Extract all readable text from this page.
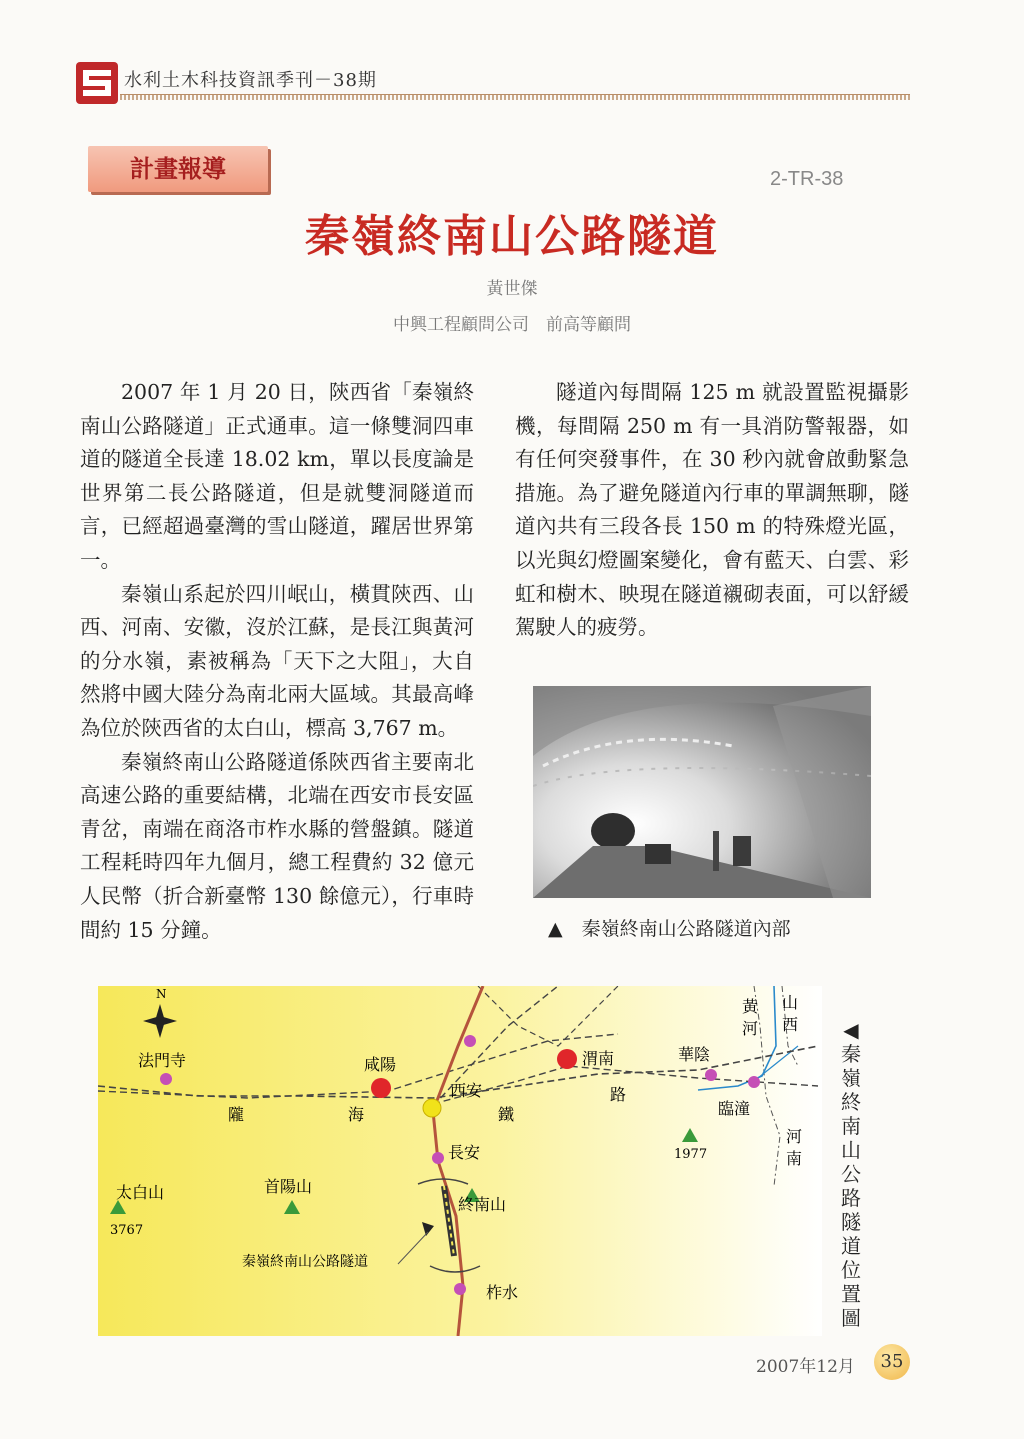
水利土木科技資訊季刊－38期
計畫報導	2-TR-38
秦嶺終南山公路隧道
黃世傑
中興工程顧問公司　前高等顧問

2007 年 1 月 20 日，陝西省「秦嶺終南山公路隧道」正式通車。這一條雙洞四車道的隧道全長達 18.02 km，單以長度論是世界第二長公路隧道，但是就雙洞隧道而言，已經超過臺灣的雪山隧道，躍居世界第一。

秦嶺山系起於四川岷山，橫貫陝西、山西、河南、安徽，沒於江蘇，是長江與黃河的分水嶺，素被稱為「天下之大阻」，大自然將中國大陸分為南北兩大區域。其最高峰為位於陝西省的太白山，標高 3,767 m。

秦嶺終南山公路隧道係陝西省主要南北高速公路的重要結構，北端在西安市長安區青岔，南端在商洛市柞水縣的營盤鎮。隧道工程耗時四年九個月，總工程費約 32 億元人民幣（折合新臺幣 130 餘億元），行車時間約 15 分鐘。

隧道內每間隔 125 m 就設置監視攝影機，每間隔 250 m 有一具消防警報器，如有任何突發事件，在 30 秒內就會啟動緊急措施。為了避免隧道內行車的單調無聊，隧道內共有三段各長 150 m 的特殊燈光區，以光與幻燈圖案變化，會有藍天、白雲、彩虹和樹木、映現在隧道襯砌表面，可以舒緩駕駛人的疲勞。

▲　秦嶺終南山公路隧道內部
N
法門寺	咸陽
西安
渭南	華陰
臨潼
長安
終南山
柞水
太白山
3767
首陽山
1977
秦嶺終南山公路隧道
隴	海	鐵
路
黃
河
山
西
河
南
◀秦嶺終南山公路隧道位置圖
2007年12月	35
